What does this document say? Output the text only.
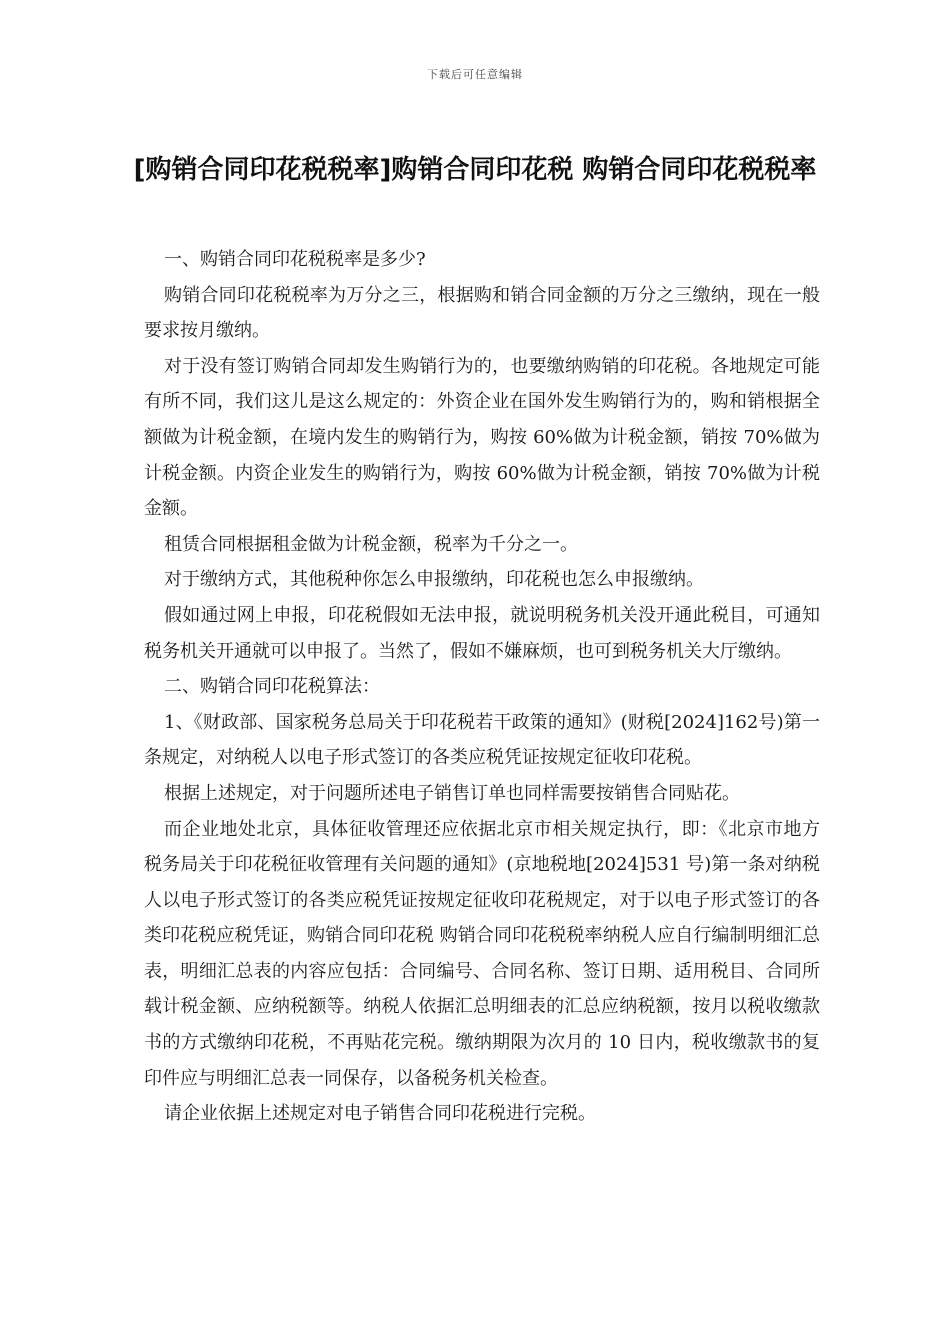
下载后可任意编辑
[购销合同印花税税率]购销合同印花税 购销合同印花税税率

一、购销合同印花税税率是多少?

购销合同印花税税率为万分之三，根据购和销合同金额的万分之三缴纳，现在一般要求按月缴纳。

对于没有签订购销合同却发生购销行为的，也要缴纳购销的印花税。各地规定可能有所不同，我们这儿是这么规定的：外资企业在国外发生购销行为的，购和销根据全额做为计税金额，在境内发生的购销行为，购按 60%做为计税金额，销按 70%做为计税金额。内资企业发生的购销行为，购按 60%做为计税金额，销按 70%做为计税金额。

租赁合同根据租金做为计税金额，税率为千分之一。

对于缴纳方式，其他税种你怎么申报缴纳，印花税也怎么申报缴纳。

假如通过网上申报，印花税假如无法申报，就说明税务机关没开通此税目，可通知税务机关开通就可以申报了。当然了，假如不嫌麻烦，也可到税务机关大厅缴纳。

二、购销合同印花税算法：

1、《财政部、国家税务总局关于印花税若干政策的通知》(财税[2024]162号)第一条规定，对纳税人以电子形式签订的各类应税凭证按规定征收印花税。

根据上述规定，对于问题所述电子销售订单也同样需要按销售合同贴花。

而企业地处北京，具体征收管理还应依据北京市相关规定执行，即：《北京市地方税务局关于印花税征收管理有关问题的通知》(京地税地[2024]531 号)第一条对纳税人以电子形式签订的各类应税凭证按规定征收印花税规定，对于以电子形式签订的各类印花税应税凭证，购销合同印花税 购销合同印花税税率纳税人应自行编制明细汇总表，明细汇总表的内容应包括：合同编号、合同名称、签订日期、适用税目、合同所载计税金额、应纳税额等。纳税人依据汇总明细表的汇总应纳税额，按月以税收缴款书的方式缴纳印花税，不再贴花完税。缴纳期限为次月的 10 日内，税收缴款书的复印件应与明细汇总表一同保存，以备税务机关检查。

请企业依据上述规定对电子销售合同印花税进行完税。
